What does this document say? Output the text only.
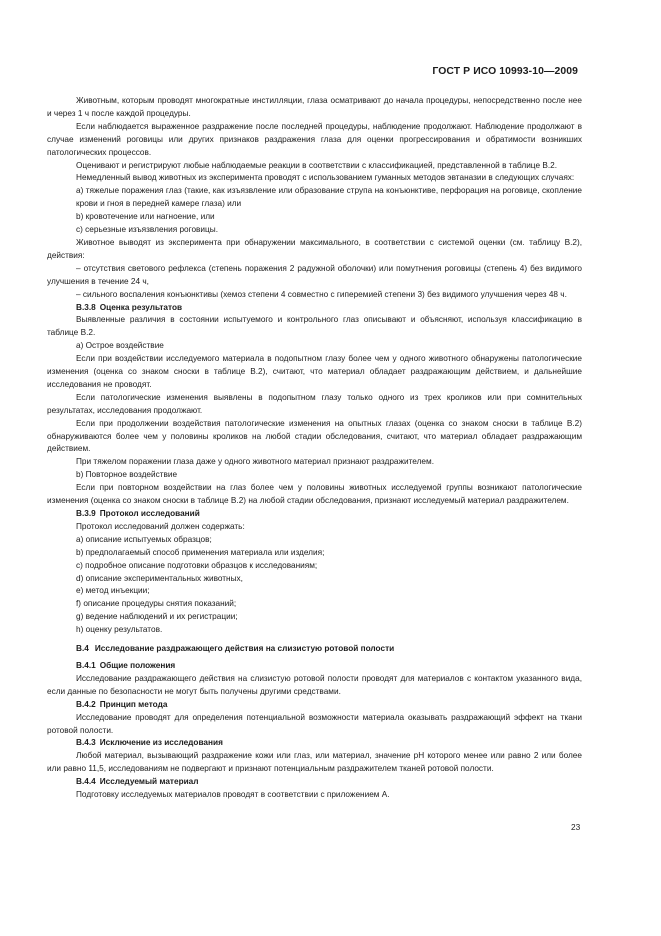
ГОСТ Р ИСО 10993-10—2009

Животным, которым проводят многократные инстилляции, глаза осматривают до начала процедуры, непосредственно после нее и через 1 ч после каждой процедуры.

Если наблюдается выраженное раздражение после последней процедуры, наблюдение продолжают. Наблюдение продолжают в случае изменений роговицы или других признаков раздражения глаза для оценки прогрессирования и обратимости возникших патологических процессов.

Оценивают и регистрируют любые наблюдаемые реакции в соответствии с классификацией, представленной в таблице В.2.

Немедленный вывод животных из эксперимента проводят с использованием гуманных методов эвтаназии в следующих случаях:

а) тяжелые поражения глаз (такие, как изъязвление или образование струпа на конъюнктиве, перфорация на роговице, скопление крови и гноя в передней камере глаза) или

b) кровотечение или нагноение, или

с) серьезные изъязвления роговицы.

Животное выводят из эксперимента при обнаружении максимального, в соответствии с системой оценки (см. таблицу В.2), действия:

– отсутствия светового рефлекса (степень поражения 2 радужной оболочки) или помутнения роговицы (степень 4) без видимого улучшения в течение 24 ч,

– сильного воспаления конъюнктивы (хемоз степени 4 совместно с гиперемией степени 3) без видимого улучшения через 48 ч.

В.3.8 Оценка результатов

Выявленные различия в состоянии испытуемого и контрольного глаз описывают и объясняют, используя классификацию в таблице В.2.

а) Острое воздействие

Если при воздействии исследуемого материала в подопытном глазу более чем у одного животного обнаружены патологические изменения (оценка со знаком сноски в таблице В.2), считают, что материал обладает раздражающим действием, и дальнейшие исследования не проводят.

Если патологические изменения выявлены в подопытном глазу только одного из трех кроликов или при сомнительных результатах, исследования продолжают.

Если при продолжении воздействия патологические изменения на опытных глазах (оценка со знаком сноски в таблице В.2) обнаруживаются более чем у половины кроликов на любой стадии обследования, считают, что материал обладает раздражающим действием.

При тяжелом поражении глаза даже у одного животного материал признают раздражителем.

b) Повторное воздействие

Если при повторном воздействии на глаз более чем у половины животных исследуемой группы возникают патологические изменения (оценка со знаком сноски в таблице В.2) на любой стадии обследования, признают исследуемый материал раздражителем.

В.3.9 Протокол исследований

Протокол исследований должен содержать:

а) описание испытуемых образцов;

b) предполагаемый способ применения материала или изделия;

с) подробное описание подготовки образцов к исследованиям;

d) описание экспериментальных животных,

е) метод инъекции;

f) описание процедуры снятия показаний;

g) ведение наблюдений и их регистрации;

h) оценку результатов.

В.4 Исследование раздражающего действия на слизистую ротовой полости

В.4.1 Общие положения

Исследование раздражающего действия на слизистую ротовой полости проводят для материалов с контактом указанного вида, если данные по безопасности не могут быть получены другими средствами.

В.4.2 Принцип метода

Исследование проводят для определения потенциальной возможности материала оказывать раздражающий эффект на ткани ротовой полости.

В.4.3 Исключение из исследования

Любой материал, вызывающий раздражение кожи или глаз, или материал, значение рН которого менее или равно 2 или более или равно 11,5, исследованиям не подвергают и признают потенциальным раздражителем тканей ротовой полости.

В.4.4 Исследуемый материал

Подготовку исследуемых материалов проводят в соответствии с приложением А.

23
